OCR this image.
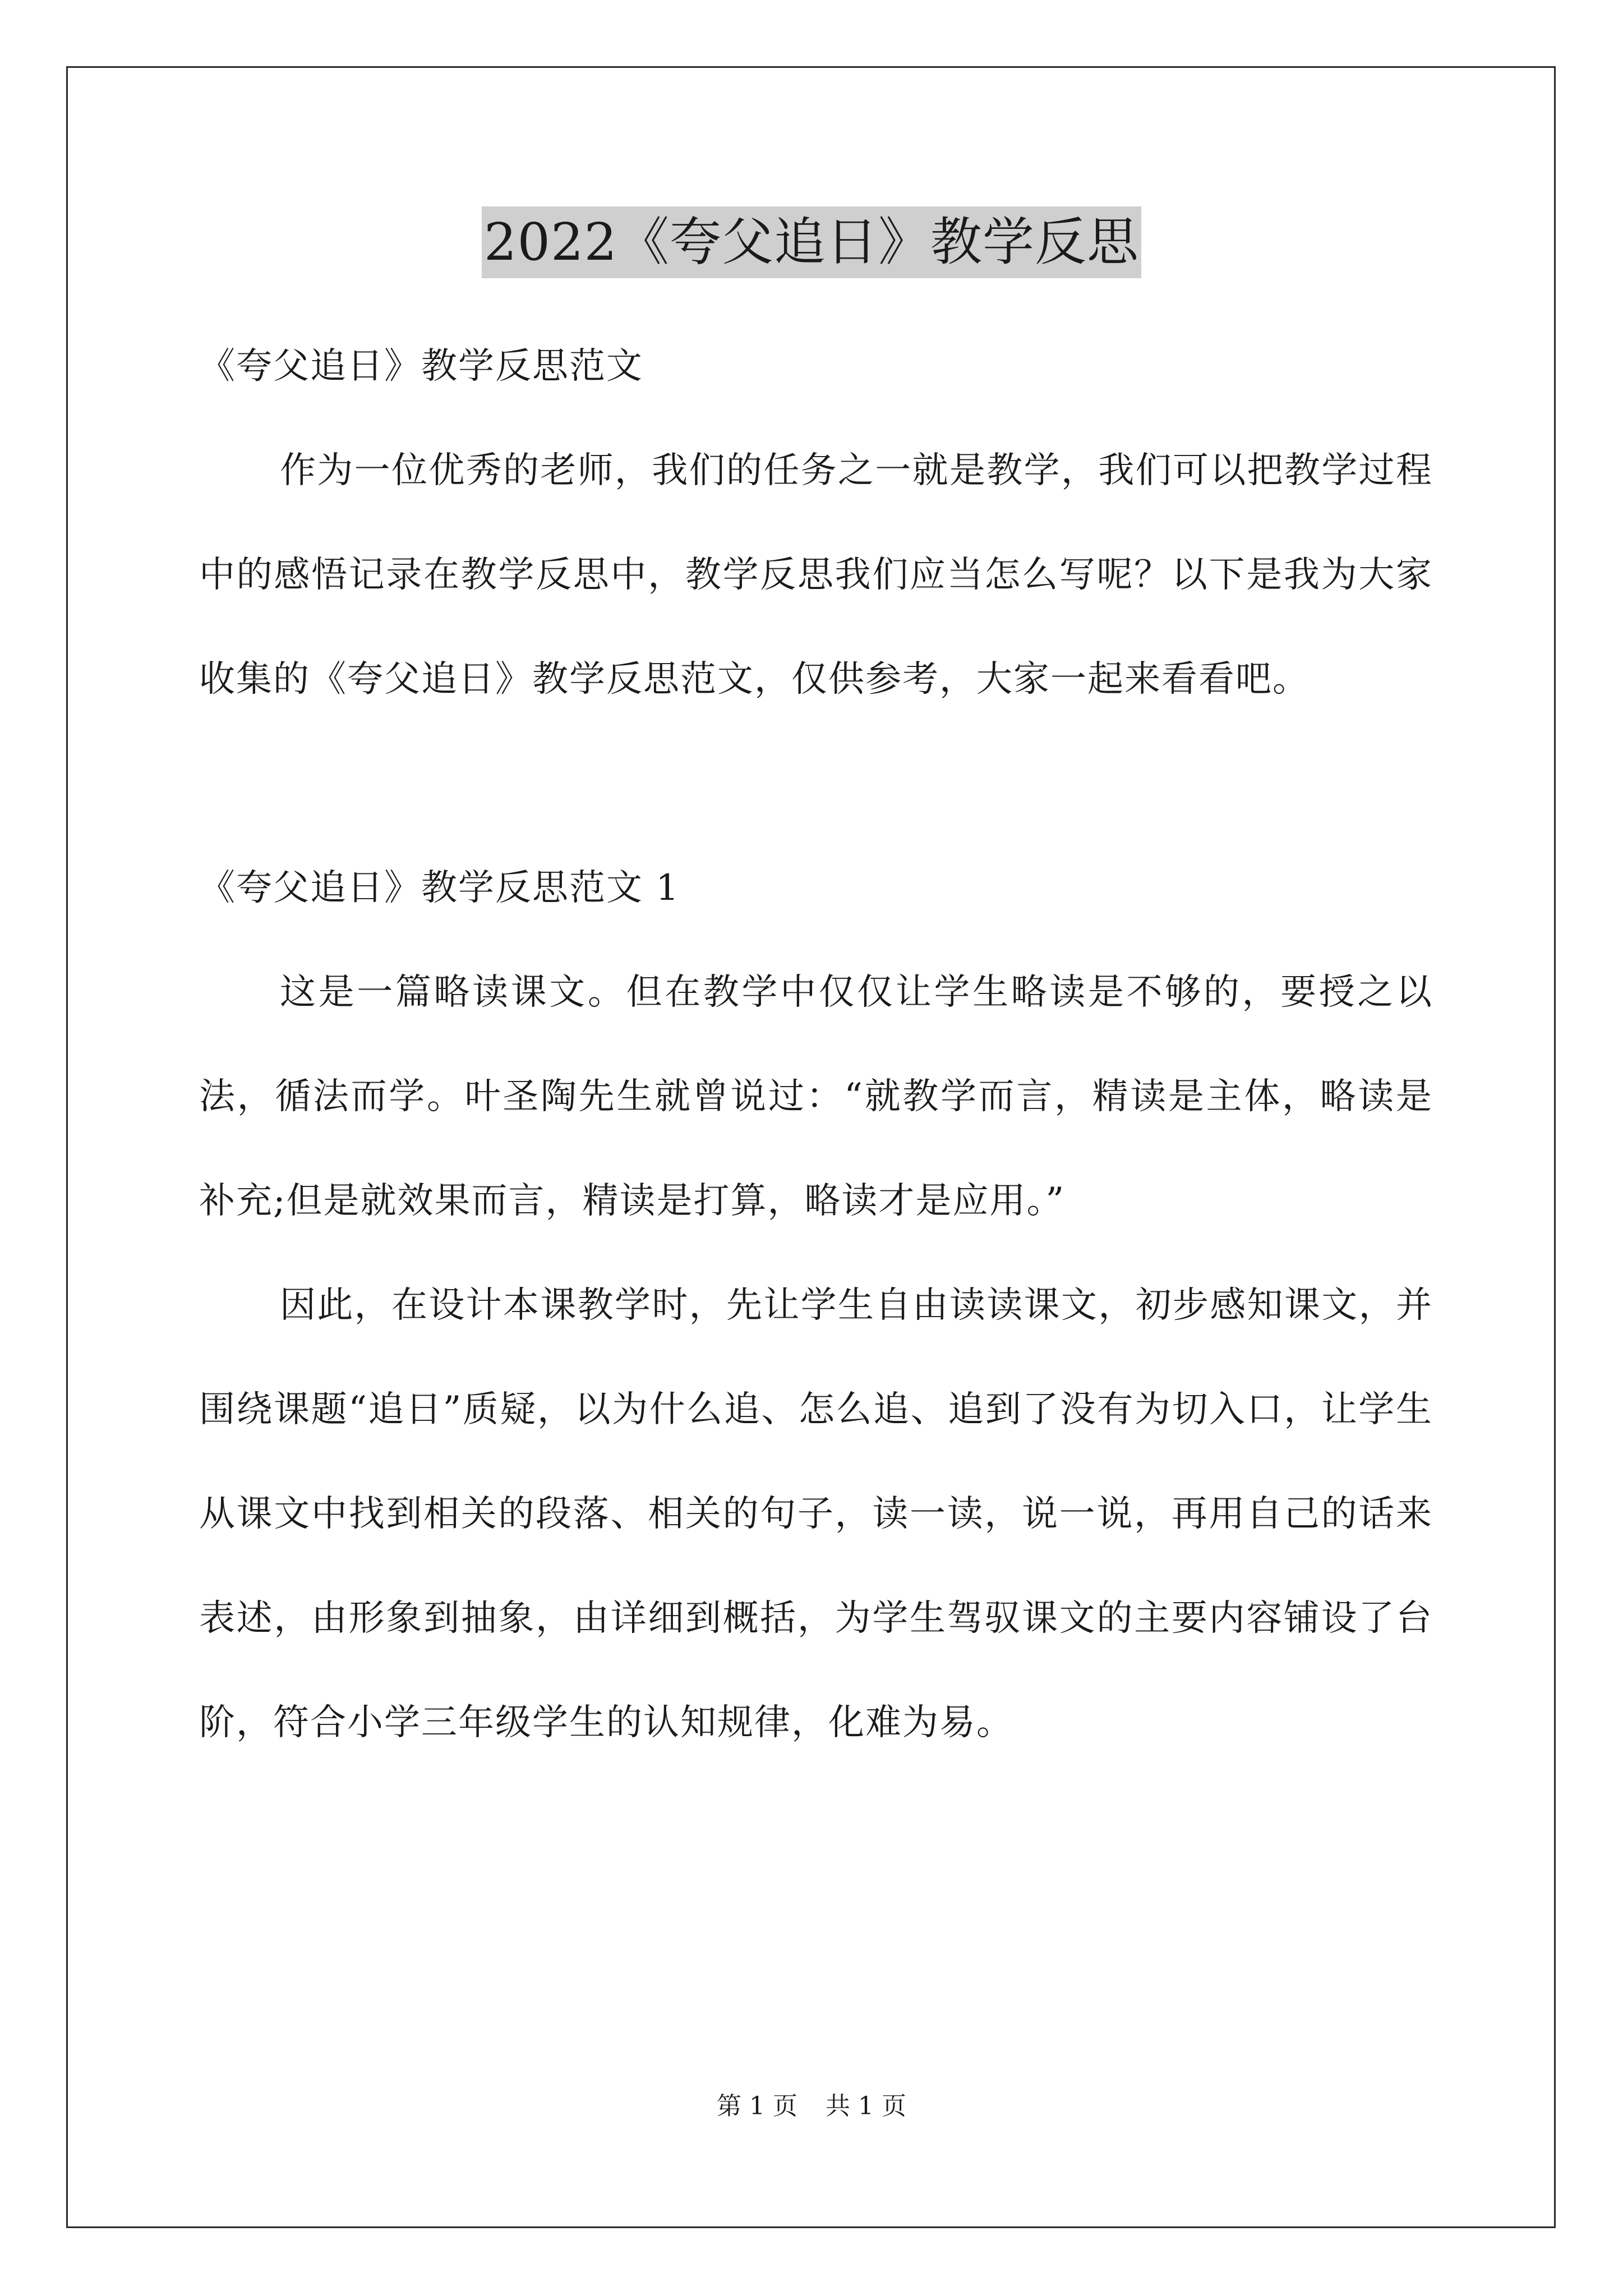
2022《夸父追日》教学反思

《夸父追日》教学反思范文

作为一位优秀的老师，我们的任务之一就是教学，我们可以把教学过程中的感悟记录在教学反思中，教学反思我们应当怎么写呢？以下是我为大家收集的《夸父追日》教学反思范文，仅供参考，大家一起来看看吧。

《夸父追日》教学反思范文 1

这是一篇略读课文。但在教学中仅仅让学生略读是不够的，要授之以法，循法而学。叶圣陶先生就曾说过：“就教学而言，精读是主体，略读是补充;但是就效果而言，精读是打算，略读才是应用。”

因此，在设计本课教学时，先让学生自由读读课文，初步感知课文，并围绕课题“追日”质疑，以为什么追、怎么追、追到了没有为切入口，让学生从课文中找到相关的段落、相关的句子，读一读，说一说，再用自己的话来表述，由形象到抽象，由详细到概括，为学生驾驭课文的主要内容铺设了台阶，符合小学三年级学生的认知规律，化难为易。

第 1 页 共 1 页
